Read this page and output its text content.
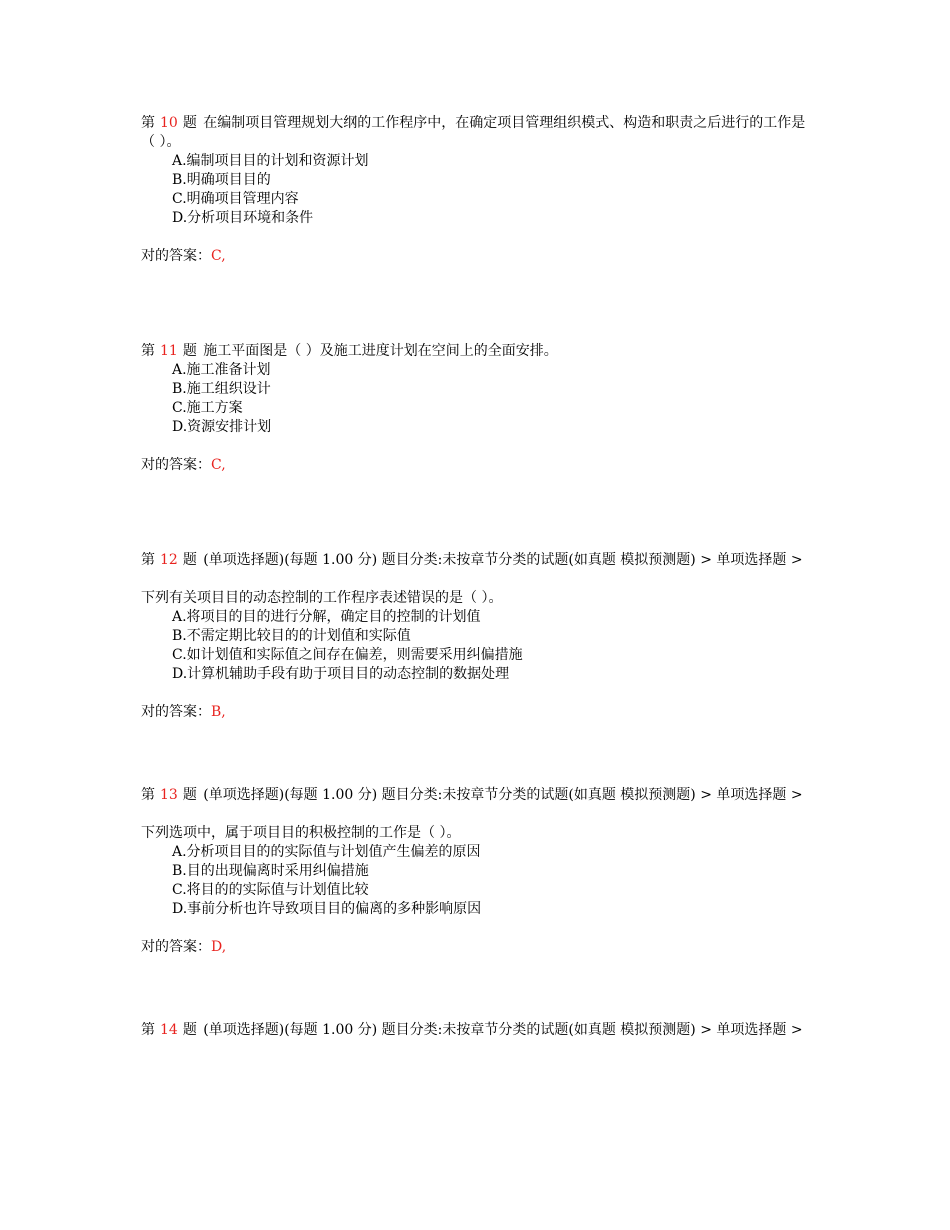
第 10 题 在编制项目管理规划大纲的工作程序中，在确定项目管理组织模式、构造和职责之后进行的工作是（ ）。
A.编制项目目的计划和资源计划
B.明确项目目的
C.明确项目管理内容
D.分析项目环境和条件
对的答案：C,
第 11 题 施工平面图是（ ）及施工进度计划在空间上的全面安排。
A.施工准备计划
B.施工组织设计
C.施工方案
D.资源安排计划
对的答案：C,
第 12 题 (单项选择题)(每题 1.00 分) 题目分类:未按章节分类的试题(如真题 模拟预测题) > 单项选择题 >
下列有关项目目的动态控制的工作程序表述错误的是（ ）。
A.将项目的目的进行分解，确定目的控制的计划值
B.不需定期比较目的的计划值和实际值
C.如计划值和实际值之间存在偏差，则需要采用纠偏措施
D.计算机辅助手段有助于项目目的动态控制的数据处理
对的答案：B,
第 13 题 (单项选择题)(每题 1.00 分) 题目分类:未按章节分类的试题(如真题 模拟预测题) > 单项选择题 >
下列选项中，属于项目目的积极控制的工作是（ ）。
A.分析项目目的的实际值与计划值产生偏差的原因
B.目的出现偏离时采用纠偏措施
C.将目的的实际值与计划值比较
D.事前分析也许导致项目目的偏离的多种影响原因
对的答案：D,
第 14 题 (单项选择题)(每题 1.00 分) 题目分类:未按章节分类的试题(如真题 模拟预测题) > 单项选择题 >
